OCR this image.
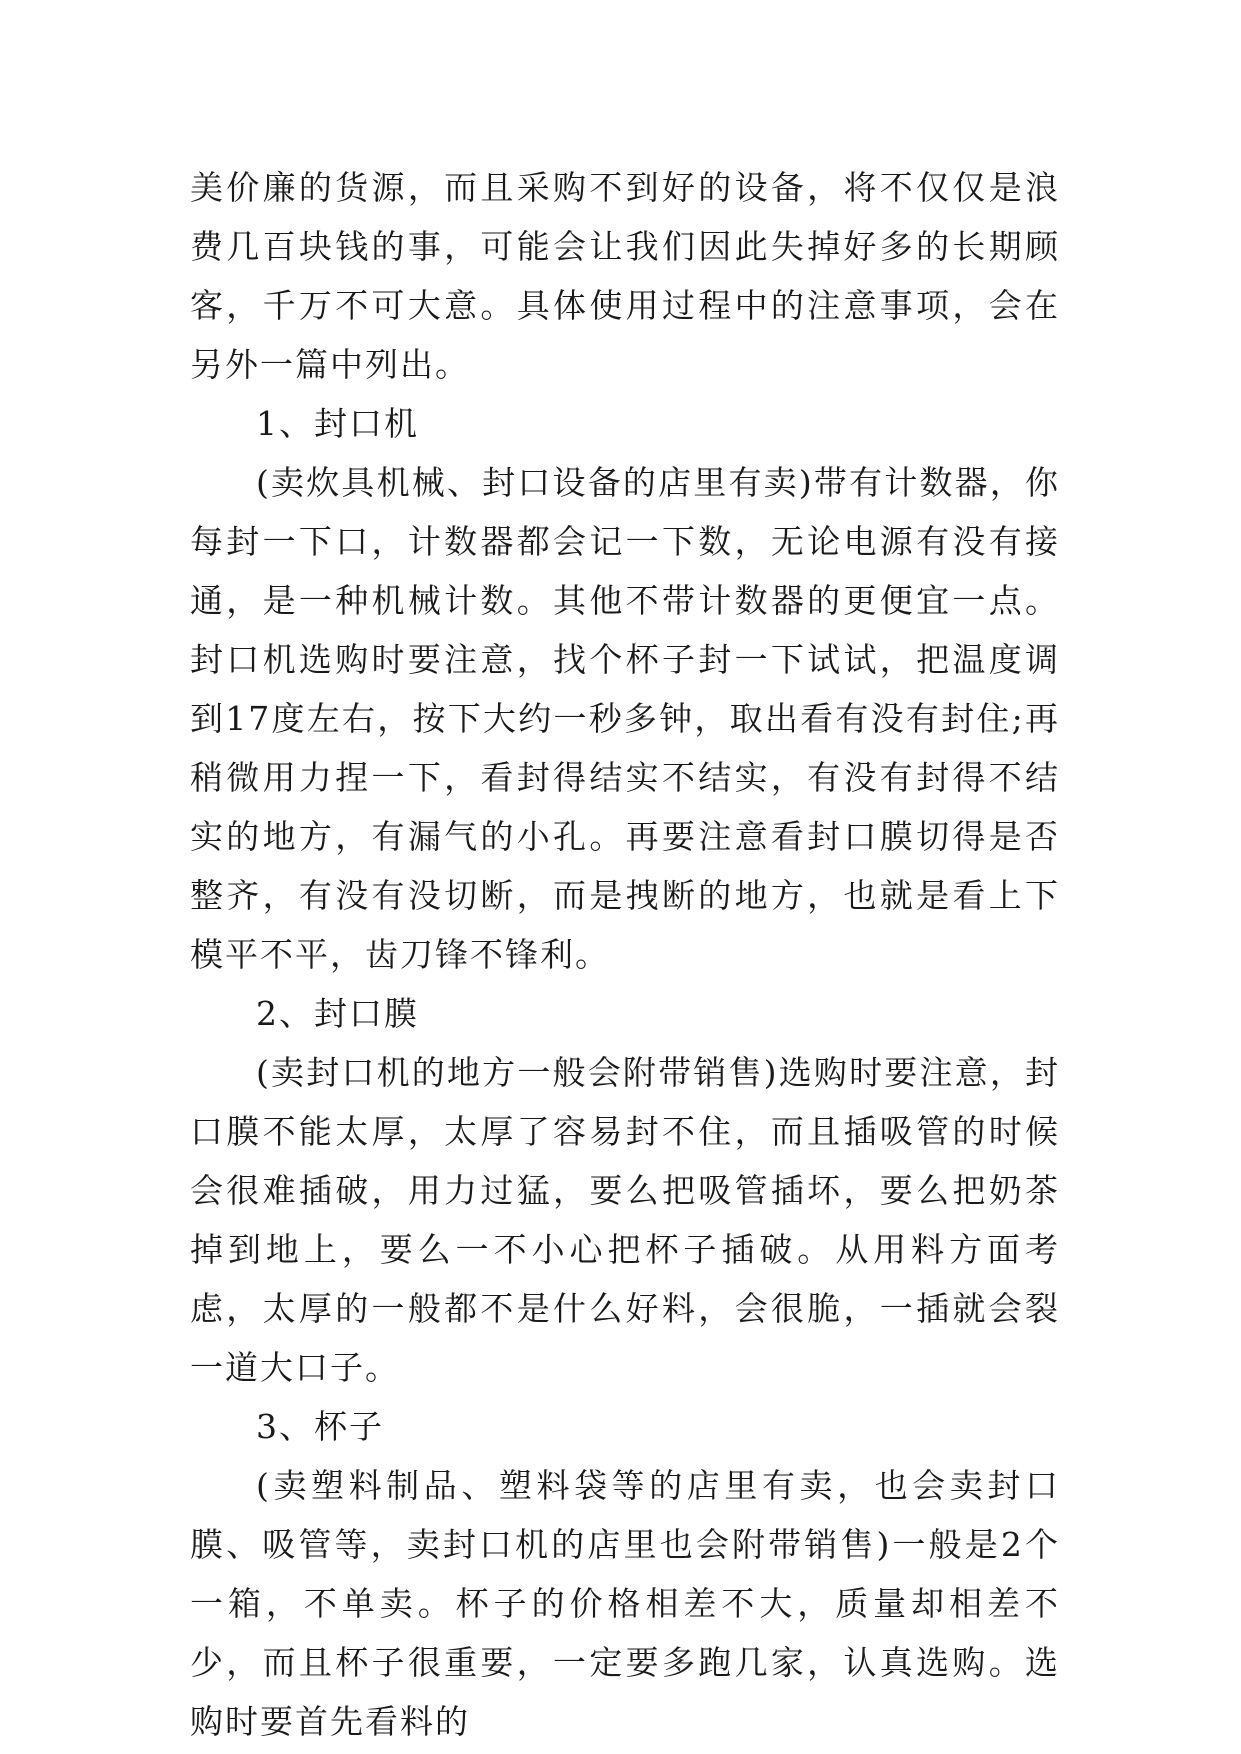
美价廉的货源，而且采购不到好的设备，将不仅仅是浪费几百块钱的事，可能会让我们因此失掉好多的长期顾客，千万不可大意。具体使用过程中的注意事项，会在另外一篇中列出。

1、封口机

(卖炊具机械、封口设备的店里有卖)带有计数器，你每封一下口，计数器都会记一下数，无论电源有没有接通，是一种机械计数。其他不带计数器的更便宜一点。封口机选购时要注意，找个杯子封一下试试，把温度调到17度左右，按下大约一秒多钟，取出看有没有封住;再稍微用力捏一下，看封得结实不结实，有没有封得不结实的地方，有漏气的小孔。再要注意看封口膜切得是否整齐，有没有没切断，而是拽断的地方，也就是看上下模平不平，齿刀锋不锋利。

2、封口膜

(卖封口机的地方一般会附带销售)选购时要注意，封口膜不能太厚，太厚了容易封不住，而且插吸管的时候会很难插破，用力过猛，要么把吸管插坏，要么把奶茶掉到地上，要么一不小心把杯子插破。从用料方面考虑，太厚的一般都不是什么好料，会很脆，一插就会裂一道大口子。

3、杯子

(卖塑料制品、塑料袋等的店里有卖，也会卖封口膜、吸管等，卖封口机的店里也会附带销售)一般是2个一箱，不单卖。杯子的价格相差不大，质量却相差不少，而且杯子很重要，一定要多跑几家，认真选购。选购时要首先看料的
